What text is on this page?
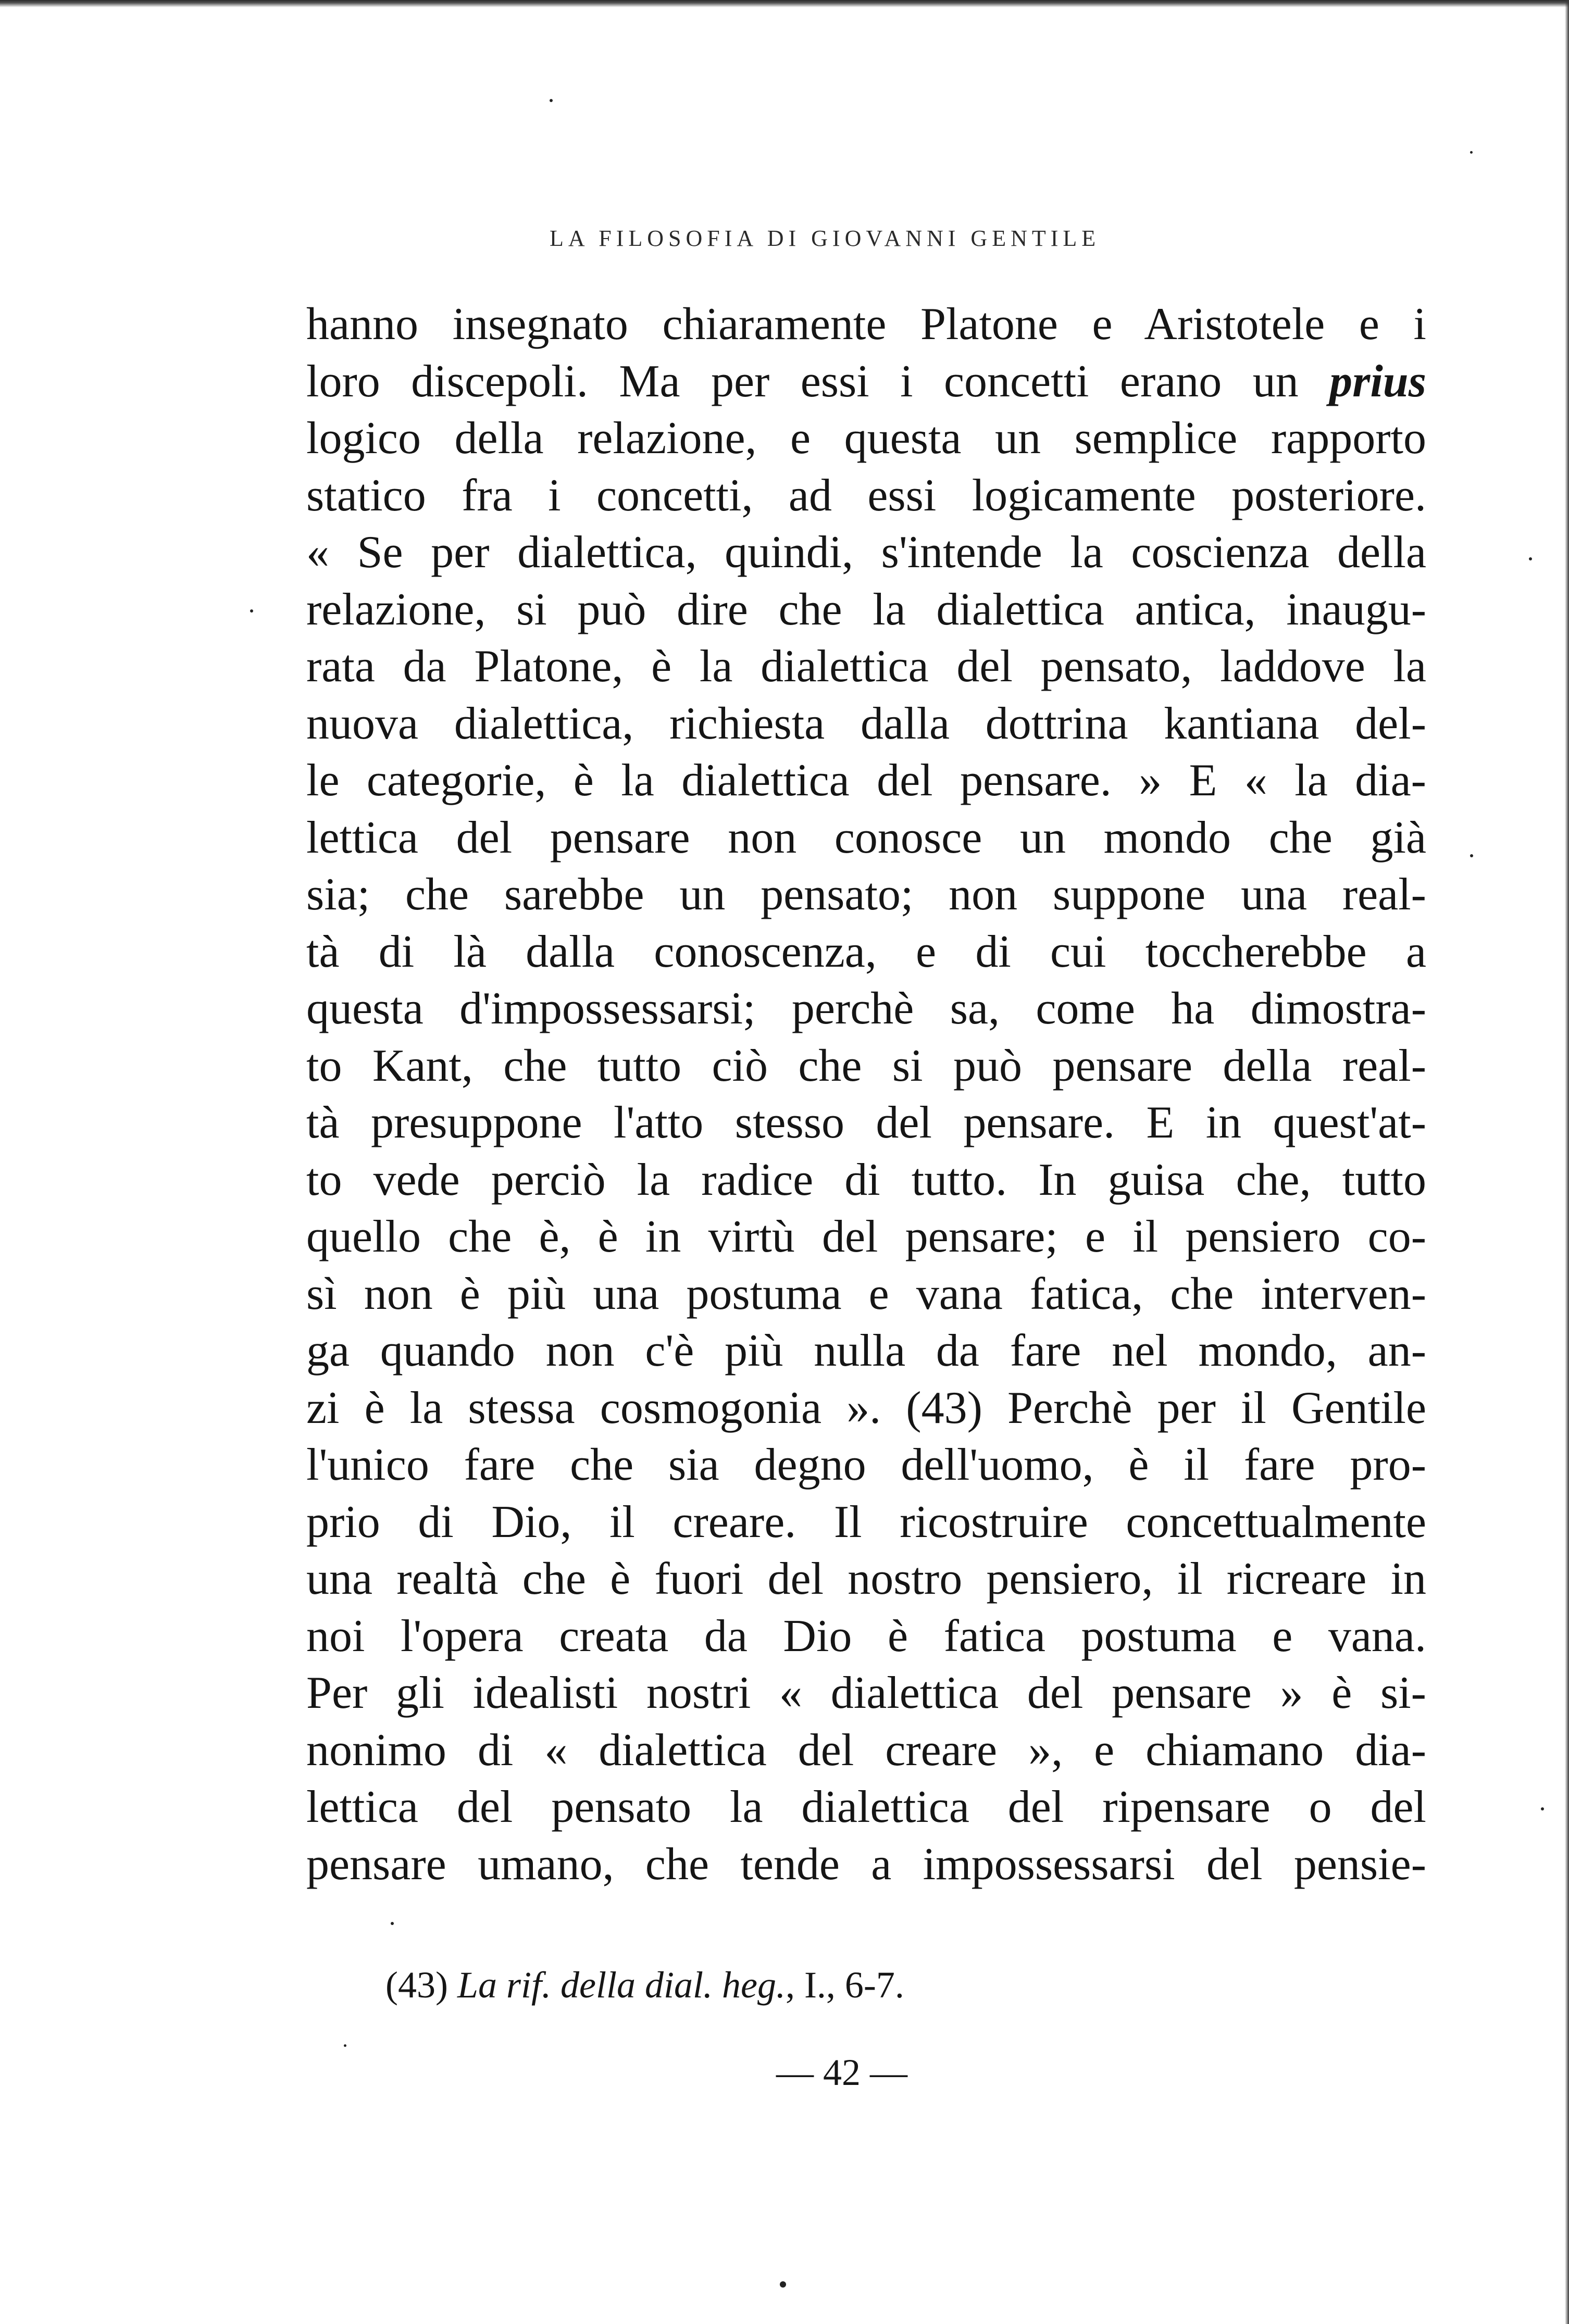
LA FILOSOFIA DI GIOVANNI GENTILE
hanno insegnato chiaramente Platone e Aristotele e i
loro discepoli. Ma per essi i concetti erano un prius
logico della relazione, e questa un semplice rapporto
statico fra i concetti, ad essi logicamente posteriore.
« Se per dialettica, quindi, s'intende la coscienza della
relazione, si può dire che la dialettica antica, inaugu-
rata da Platone, è la dialettica del pensato, laddove la
nuova dialettica, richiesta dalla dottrina kantiana del-
le categorie, è la dialettica del pensare. » E « la dia-
lettica del pensare non conosce un mondo che già
sia; che sarebbe un pensato; non suppone una real-
tà di là dalla conoscenza, e di cui toccherebbe a
questa d'impossessarsi; perchè sa, come ha dimostra-
to Kant, che tutto ciò che si può pensare della real-
tà presuppone l'atto stesso del pensare. E in quest'at-
to vede perciò la radice di tutto. In guisa che, tutto
quello che è, è in virtù del pensare; e il pensiero co-
sì non è più una postuma e vana fatica, che interven-
ga quando non c'è più nulla da fare nel mondo, an-
zi è la stessa cosmogonia ». (43) Perchè per il Gentile
l'unico fare che sia degno dell'uomo, è il fare pro-
prio di Dio, il creare. Il ricostruire concettualmente
una realtà che è fuori del nostro pensiero, il ricreare in
noi l'opera creata da Dio è fatica postuma e vana.
Per gli idealisti nostri « dialettica del pensare » è si-
nonimo di « dialettica del creare », e chiamano dia-
lettica del pensato la dialettica del ripensare o del
pensare umano, che tende a impossessarsi del pensie-
(43) La rif. della dial. heg., I., 6-7.
— 42 —
